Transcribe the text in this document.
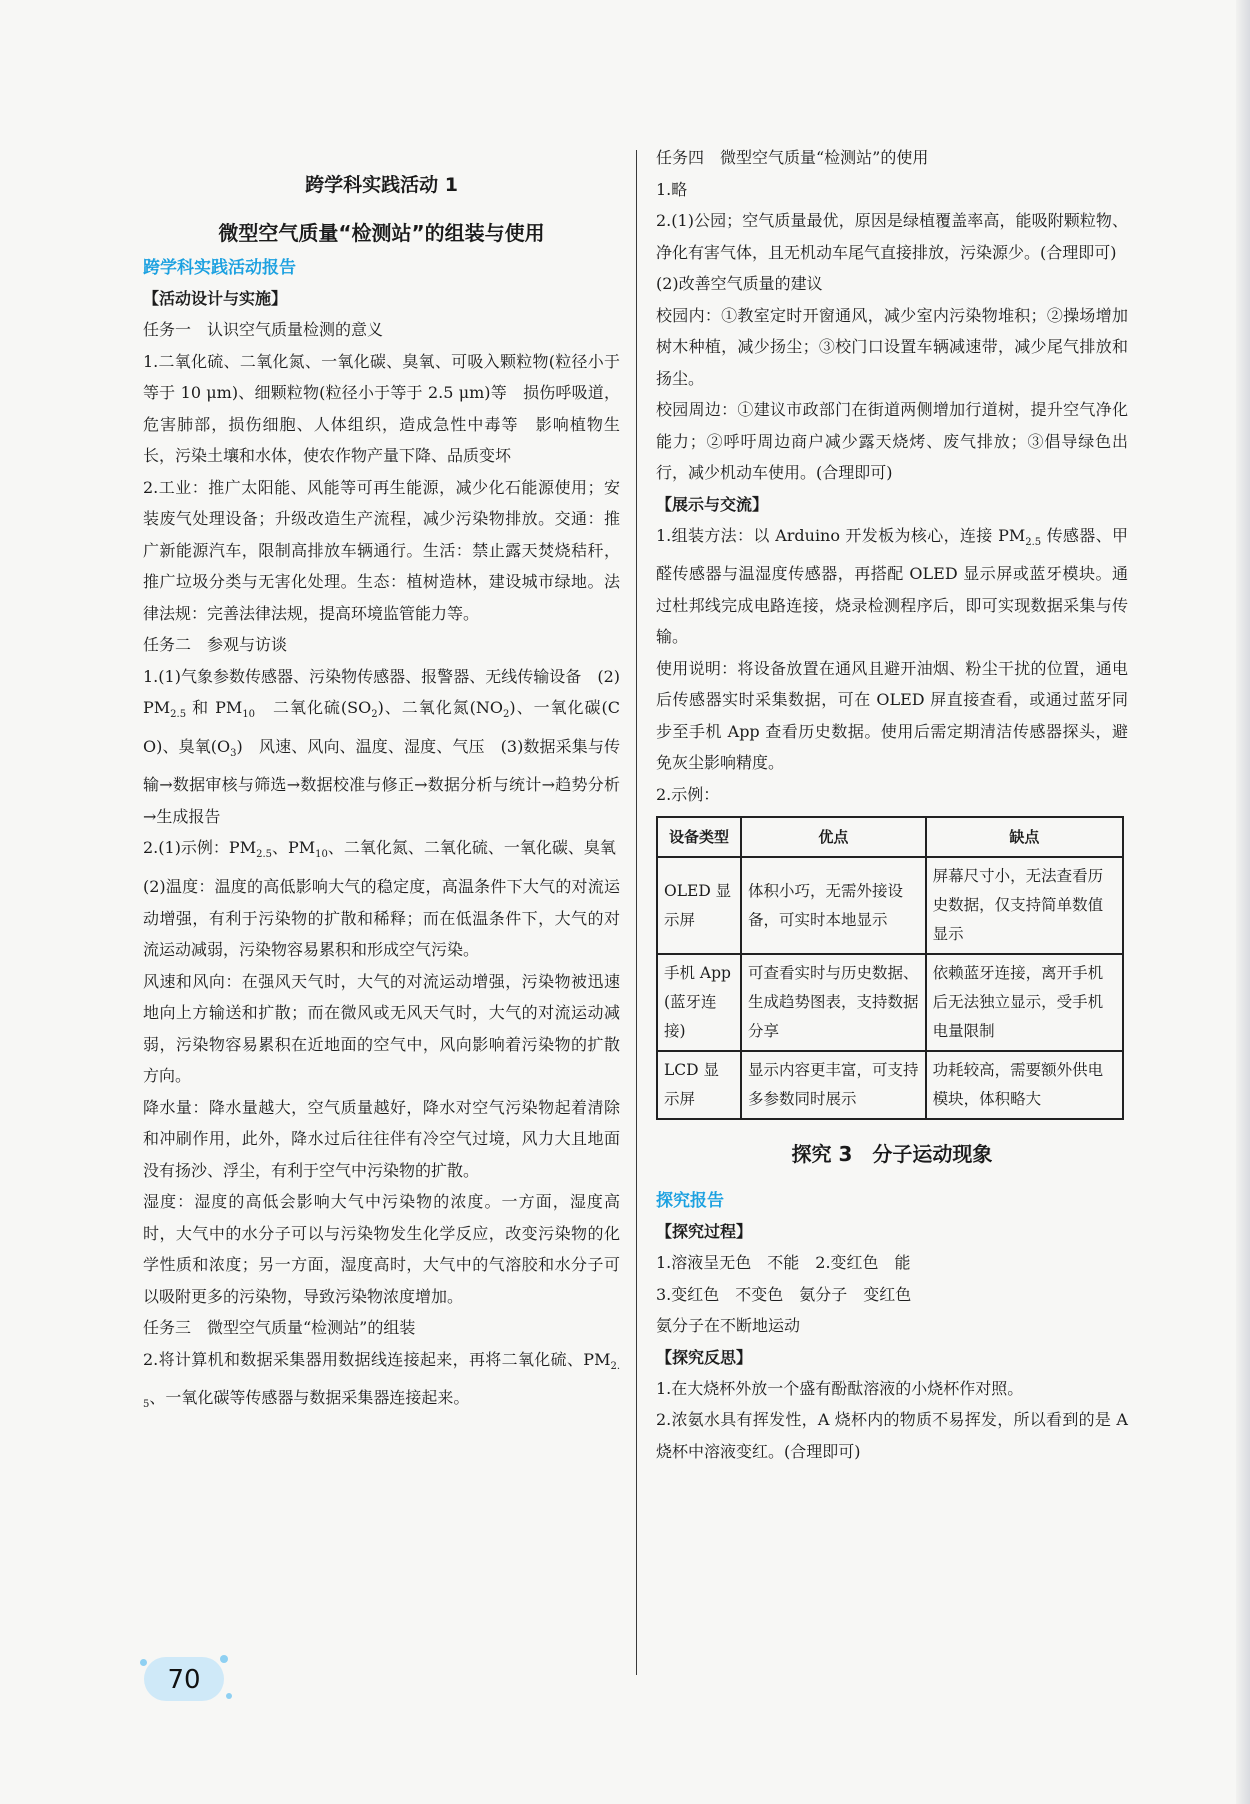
跨学科实践活动 1
微型空气质量“检测站”的组装与使用
跨学科实践活动报告
【活动设计与实施】

任务一　认识空气质量检测的意义

1.二氧化硫、二氧化氮、一氧化碳、臭氧、可吸入颗粒物(粒径小于等于 10 μm)、细颗粒物(粒径小于等于 2.5 μm)等　损伤呼吸道，危害肺部，损伤细胞、人体组织，造成急性中毒等　影响植物生长，污染土壤和水体，使农作物产量下降、品质变坏

2.工业：推广太阳能、风能等可再生能源，减少化石能源使用；安装废气处理设备；升级改造生产流程，减少污染物排放。交通：推广新能源汽车，限制高排放车辆通行。生活：禁止露天焚烧秸秆，推广垃圾分类与无害化处理。生态：植树造林，建设城市绿地。法律法规：完善法律法规，提高环境监管能力等。

任务二　参观与访谈

1.(1)气象参数传感器、污染物传感器、报警器、无线传输设备　$(2)PM_{2.5}$ 和 $PM_{10}$　二氧化硫$(SO_2)$、二氧化氮$(NO_2)$、一氧化碳(CO)、臭氧$(O_3)$　风速、风向、温度、湿度、气压　(3)数据采集与传输→数据审核与筛选→数据校准与修正→数据分析与统计→趋势分析→生成报告

2.(1)示例：$PM_{2.5}$、$PM_{10}$、二氧化氮、二氧化硫、一氧化碳、臭氧

(2)温度：温度的高低影响大气的稳定度，高温条件下大气的对流运动增强，有利于污染物的扩散和稀释；而在低温条件下，大气的对流运动减弱，污染物容易累积和形成空气污染。

风速和风向：在强风天气时，大气的对流运动增强，污染物被迅速地向上方输送和扩散；而在微风或无风天气时，大气的对流运动减弱，污染物容易累积在近地面的空气中，风向影响着污染物的扩散方向。

降水量：降水量越大，空气质量越好，降水对空气污染物起着清除和冲刷作用，此外，降水过后往往伴有冷空气过境，风力大且地面没有扬沙、浮尘，有利于空气中污染物的扩散。

湿度：湿度的高低会影响大气中污染物的浓度。一方面，湿度高时，大气中的水分子可以与污染物发生化学反应，改变污染物的化学性质和浓度；另一方面，湿度高时，大气中的气溶胶和水分子可以吸附更多的污染物，导致污染物浓度增加。

任务三　微型空气质量“检测站”的组装

2.将计算机和数据采集器用数据线连接起来，再将二氧化硫、$PM_{2.5}$、一氧化碳等传感器与数据采集器连接起来。

任务四　微型空气质量“检测站”的使用

1.略

2.(1)公园；空气质量最优，原因是绿植覆盖率高，能吸附颗粒物、净化有害气体，且无机动车尾气直接排放，污染源少。(合理即可)

(2)改善空气质量的建议

校园内：①教室定时开窗通风，减少室内污染物堆积；②操场增加树木种植，减少扬尘；③校门口设置车辆减速带，减少尾气排放和扬尘。

校园周边：①建议市政部门在街道两侧增加行道树，提升空气净化能力；②呼吁周边商户减少露天烧烤、废气排放；③倡导绿色出行，减少机动车使用。(合理即可)

【展示与交流】

1.组装方法：以 Arduino 开发板为核心，连接 $PM_{2.5}$ 传感器、甲醛传感器与温湿度传感器，再搭配 OLED 显示屏或蓝牙模块。通过杜邦线完成电路连接，烧录检测程序后，即可实现数据采集与传输。

使用说明：将设备放置在通风且避开油烟、粉尘干扰的位置，通电后传感器实时采集数据，可在 OLED 屏直接查看，或通过蓝牙同步至手机 App 查看历史数据。使用后需定期清洁传感器探头，避免灰尘影响精度。

2.示例：

设备类型	优点	缺点
OLED 显示屏	体积小巧，无需外接设备，可实时本地显示	屏幕尺寸小，无法查看历史数据，仅支持简单数值显示
手机 App (蓝牙连接)	可查看实时与历史数据、生成趋势图表，支持数据分享	依赖蓝牙连接，离开手机后无法独立显示，受手机电量限制
LCD 显示屏	显示内容更丰富，可支持多参数同时展示	功耗较高，需要额外供电模块，体积略大
探究 3　分子运动现象
探究报告
【探究过程】

1.溶液呈无色　不能　2.变红色　能

3.变红色　不变色　氨分子　变红色

氨分子在不断地运动

【探究反思】

1.在大烧杯外放一个盛有酚酞溶液的小烧杯作对照。

2.浓氨水具有挥发性，A 烧杯内的物质不易挥发，所以看到的是 A 烧杯中溶液变红。(合理即可)

70
